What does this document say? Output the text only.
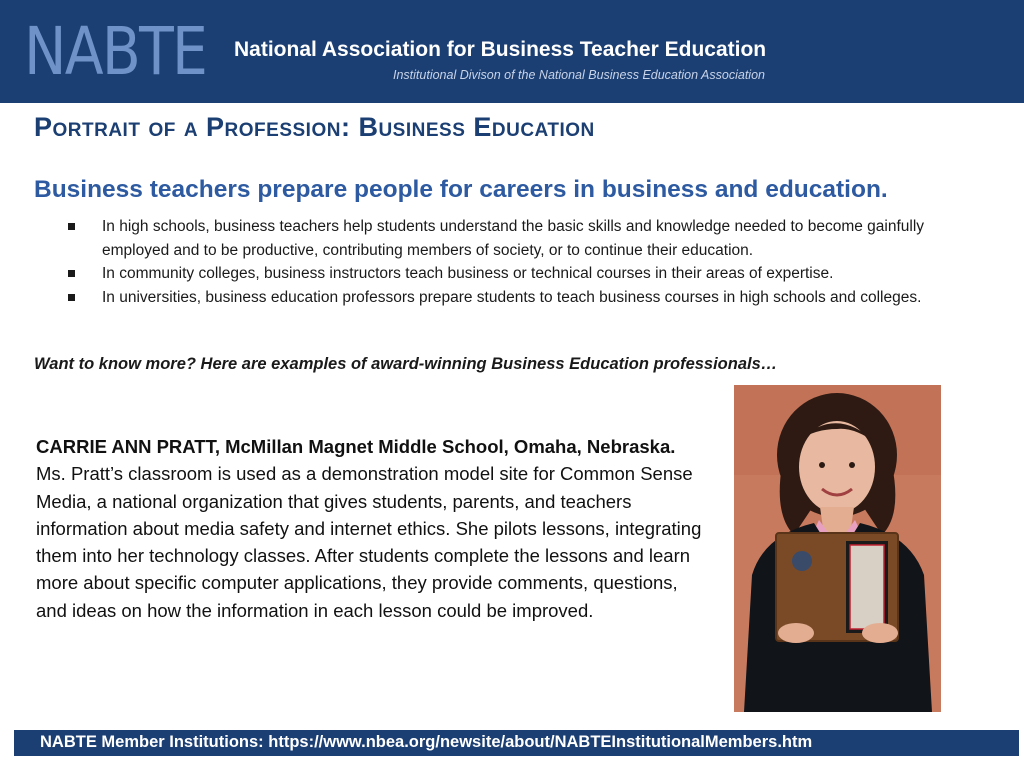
NABTE National Association for Business Teacher Education
Institutional Divison of the National Business Education Association
Portrait of a Profession: Business Education
Business teachers prepare people for careers in business and education.
In high schools, business teachers help students understand the basic skills and knowledge needed to become gainfully employed and to be productive, contributing members of society, or to continue their education.
In community colleges, business instructors teach business or technical courses in their areas of expertise.
In universities, business education professors prepare students to teach business courses in high schools and colleges.
Want to know more? Here are examples of award-winning Business Education professionals…

CARRIE ANN PRATT, McMillan Magnet Middle School, Omaha, Nebraska. Ms. Pratt’s classroom is used as a demonstration model site for Common Sense Media, a national organization that gives students, parents, and teachers information about media safety and internet ethics. She pilots lessons, integrating them into her technology classes. After students complete the lessons and learn more about specific computer applications, they provide comments, questions, and ideas on how the information in each lesson could be improved.

NABTE Member Institutions: https://www.nbea.org/newsite/about/NABTEInstitutionalMembers.htm
